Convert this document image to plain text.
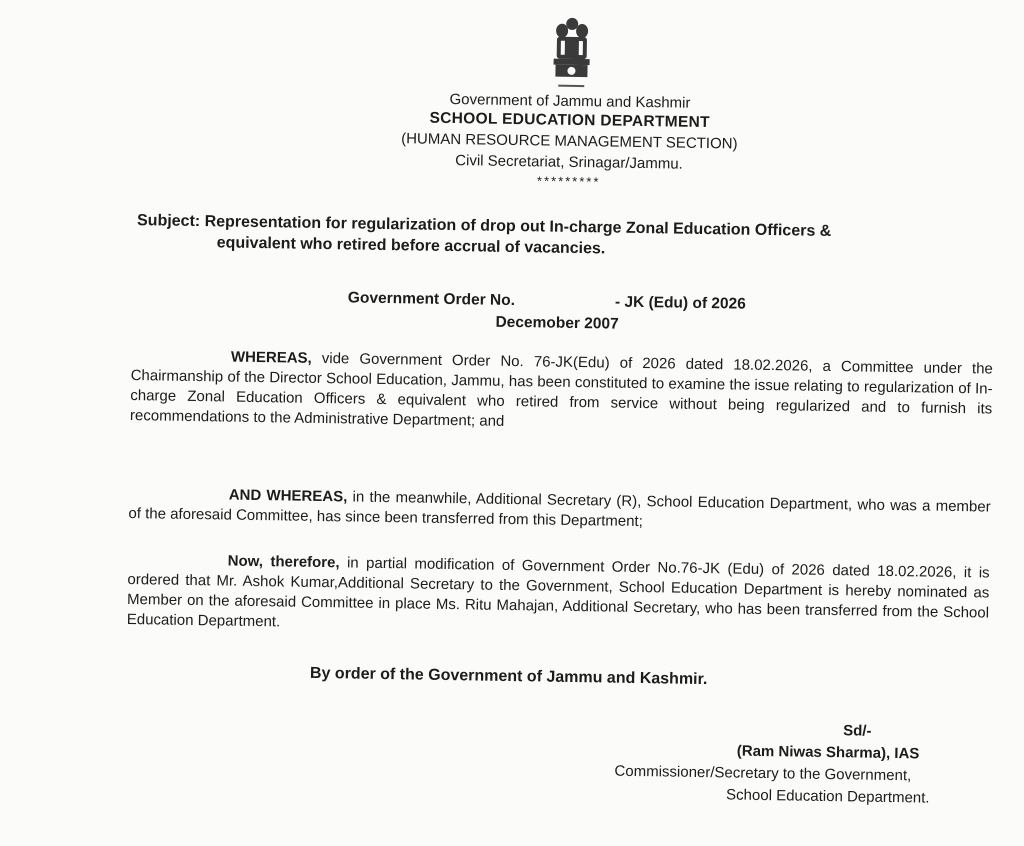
Government of Jammu and Kashmir
SCHOOL EDUCATION DEPARTMENT
(HUMAN RESOURCE MANAGEMENT SECTION)
Civil Secretariat, Srinagar/Jammu.
*********
Subject: Representation for regularization of drop out In-charge Zonal Education Officers &
equivalent who retired before accrual of vacancies.
Government Order No.	- JK (Edu) of 2026
Decemober 2007
WHEREAS, vide Government Order No. 76-JK(Edu) of 2026 dated 18.02.2026, a Committee under the Chairmanship of the Director School Education, Jammu, has been constituted to examine the issue relating to regularization of In-charge Zonal Education Officers & equivalent who retired from service without being regularized and to furnish its recommendations to the Administrative Department; and
AND WHEREAS, in the meanwhile, Additional Secretary (R), School Education Department, who was a member of the aforesaid Committee, has since been transferred from this Department;
Now, therefore, in partial modification of Government Order No.76-JK (Edu) of 2026 dated 18.02.2026, it is ordered that Mr. Ashok Kumar,Additional Secretary to the Government, School Education Department is hereby nominated as Member on the aforesaid Committee in place Ms. Ritu Mahajan, Additional Secretary, who has been transferred from the School Education Department.
By order of the Government of Jammu and Kashmir.
Sd/-
(Ram Niwas Sharma), IAS
Commissioner/Secretary to the Government,
School Education Department.
